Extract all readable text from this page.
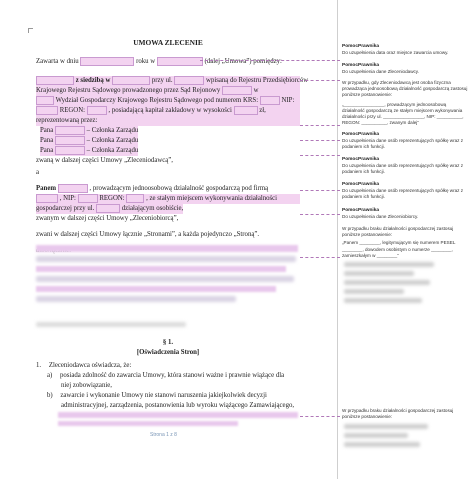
UMOWA ZLECENIE
Zawarta w dniu	roku w	(dalej „Umowa”) pomiędzy:
z siedzibą w	przy ul.	wpisaną do Rejestru Przedsiębiorców
Krajowego Rejestru Sądowego prowadzonego przez Sąd Rejonowy	w
Wydział Gospodarczy Krajowego Rejestru Sądowego pod numerem KRS:	NIP:
REGON:	, posiadającą kapitał zakładowy w wysokości	zł,
reprezentowaną przez:
Pana	– Członka Zarządu
Pana	– Członka Zarządu
Pana	– Członka Zarządu
zwaną w dalszej części Umowy „Zleceniodawcą”,
a
Panem	, prowadzącym jednoosobową działalność gospodarczą pod firmą
, NIP:	REGON:	, ze stałym miejscem wykonywania działalności
gospodarczej przy ul.	działającym osobiście,
zwanym w dalszej części Umowy „Zleceniobiorcą”,
zwani w dalszej części Umowy łącznie „Stronami”, a każda pojedynczo „Stroną”.
§ 1.
[Oświadczenia Stron]
1. Zleceniodawca oświadcza, że:
a) posiada zdolność do zawarcia Umowy, która stanowi ważne i prawnie wiążące dla
niej zobowiązanie,
b) zawarcie i wykonanie Umowy nie stanowi naruszenia jakiejkolwiek decyzji
administracyjnej, zarządzenia, postanowienia lub wyroku wiążącego Zamawiającego,
Strona 1 z 8
PomocPrawnika
Do uzupełnienia data oraz miejsce zawarcia umowy.
PomocPrawnika
Do uzupełnienia dane Zleceniodawcy.
W przypadku, gdy Zleceniodawcą jest osoba fizyczna prowadząca jednoosobową działalność gospodarczą zastosuj poniższe postanowienie:
„________________, prowadzącym jednoosobową działalność gospodarczą ze stałym miejscem wykonywania działalności przy ul. ________________, NIP: __________, REGON: __________, zwanym dalej”
PomocPrawnika
Do uzupełnienia dane osób reprezentujących spółkę wraz z podaniem ich funkcji.
PomocPrawnika
Do uzupełnienia dane osób reprezentujących spółkę wraz z podaniem ich funkcji.
PomocPrawnika
Do uzupełnienia dane osób reprezentujących spółkę wraz z podaniem ich funkcji.
PomocPrawnika
Do uzupełnienia dane Zleceniobiorcy.
W przypadku braku działalności gospodarczej zastosuj poniższe postanowienie:
„Panem ________, legitymującym się numerem PESEL ________, dowodem osobistym o numerze ________, zamieszkałym w ________”
W przypadku braku działalności gospodarczej zastosuj poniższe postanowienie:
